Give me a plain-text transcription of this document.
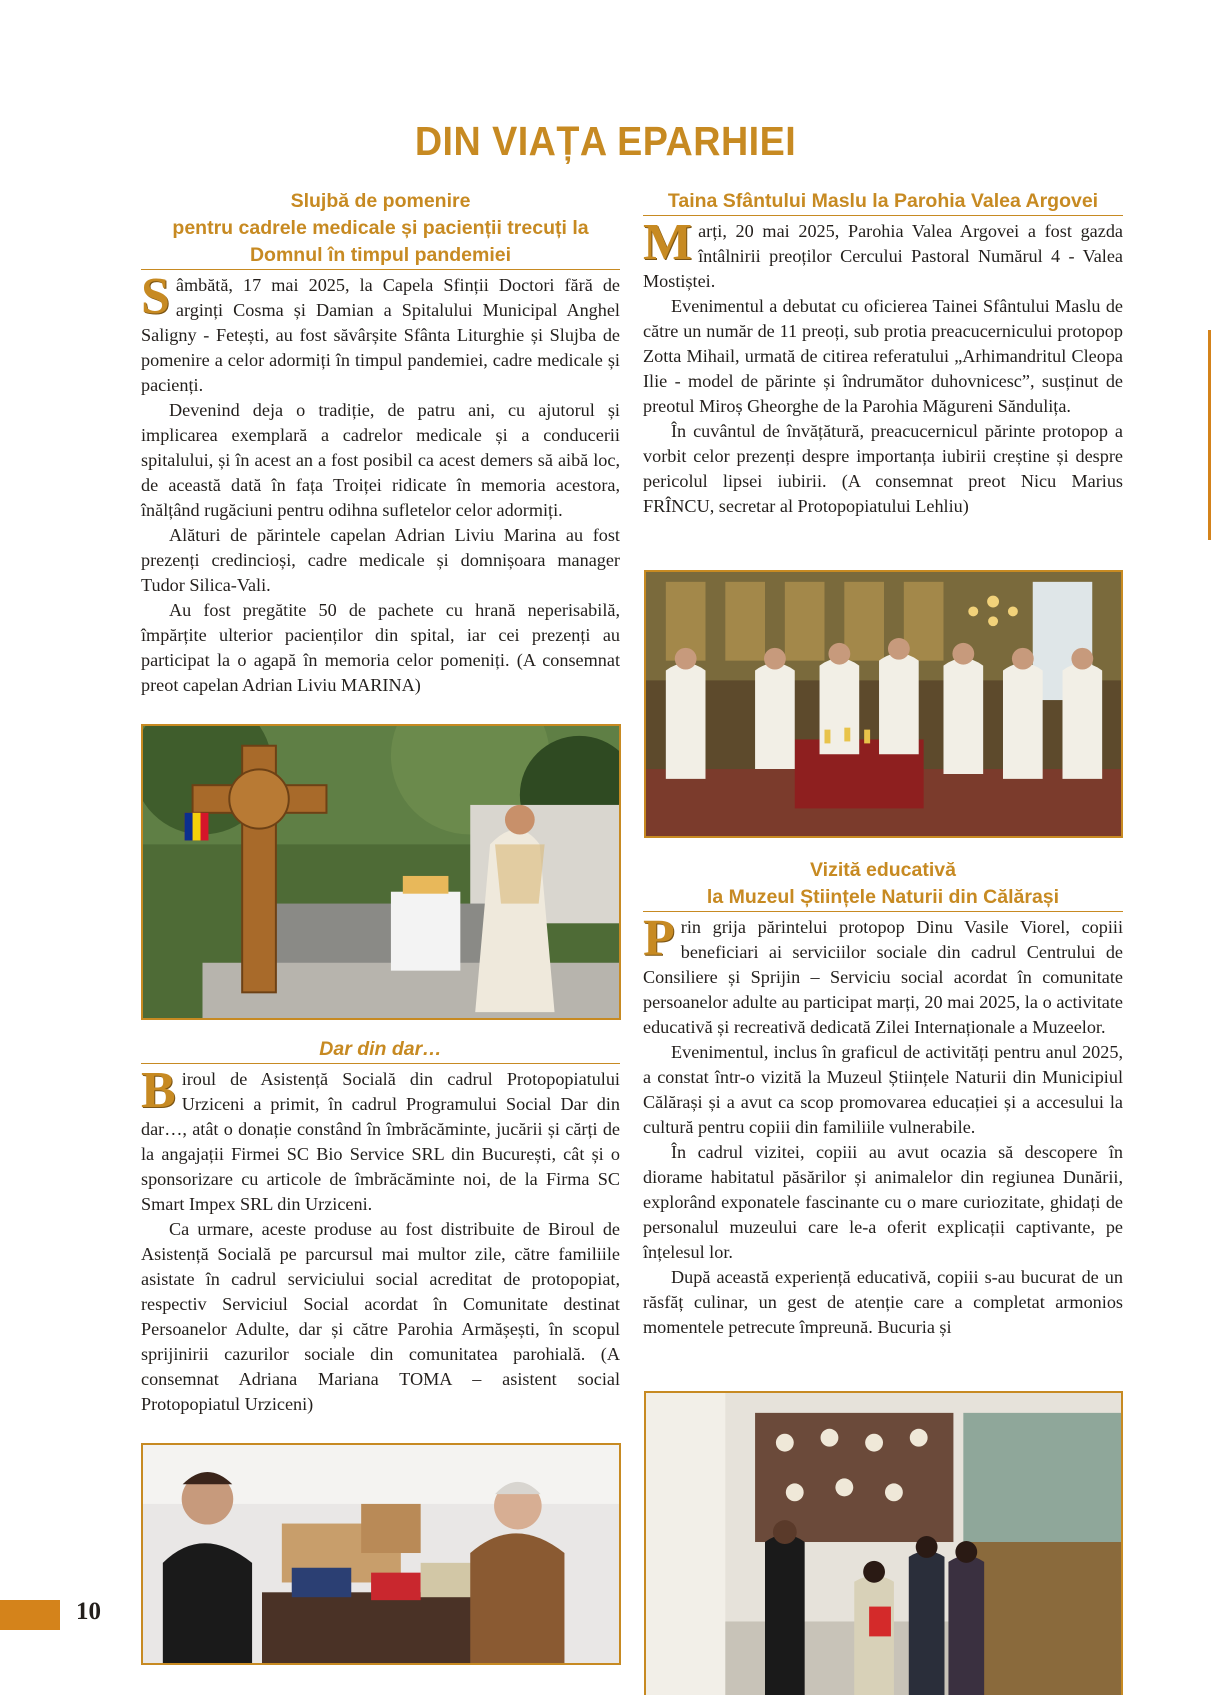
DIN VIAȚA EPARHIEI
Slujbă de pomenire
pentru cadrele medicale și pacienții trecuți la
Domnul în timpul pandemiei

Sâmbătă, 17 mai 2025, la Capela Sfinții Doctori fără de arginți Cosma și Damian a Spitalului Municipal Anghel Saligny - Fetești, au fost săvârșite Sfânta Liturghie și Slujba de pomenire a celor adormiți în timpul pandemiei, cadre medicale și pacienți.

Devenind deja o tradiție, de patru ani, cu ajutorul și implicarea exemplară a cadrelor medicale și a conducerii spitalului, și în acest an a fost posibil ca acest demers să aibă loc, de această dată în fața Troiței ridicate în memoria acestora, înălțând rugăciuni pentru odihna sufletelor celor adormiți.

Alături de părintele capelan Adrian Liviu Marina au fost prezenți credincioși, cadre medicale și domnișoara manager Tudor Silica-Vali.

Au fost pregătite 50 de pachete cu hrană neperisabilă, împărțite ulterior pacienților din spital, iar cei prezenți au participat la o agapă în memoria celor pomeniți. (A consemnat preot capelan Adrian Liviu MARINA)

Dar din dar…

Biroul de Asistență Socială din cadrul Protopopiatului Urziceni a primit, în cadrul Programului Social Dar din dar…, atât o donație constând în îmbrăcăminte, jucării și cărți de la angajații Firmei SC Bio Service SRL din București, cât și o sponsorizare cu articole de îmbrăcăminte noi, de la Firma SC Smart Impex SRL din Urziceni.

Ca urmare, aceste produse au fost distribuite de Biroul de Asistență Socială pe parcursul mai multor zile, către familiile asistate în cadrul serviciului social acreditat de protopopiat, respectiv Serviciul Social acordat în Comunitate destinat Persoanelor Adulte, dar și către Parohia Armășești, în scopul sprijinirii cazurilor sociale din comunitatea parohială. (A consemnat Adriana Mariana TOMA – asistent social Protopopiatul Urziceni)

Taina Sfântului Maslu la Parohia Valea Argovei

Marți, 20 mai 2025, Parohia Valea Argovei a fost gazda întâlnirii preoților Cercului Pastoral Numărul 4 - Valea Mostiștei.

Evenimentul a debutat cu oficierea Tainei Sfântului Maslu de către un număr de 11 preoți, sub protia preacucernicului protopop Zotta Mihail, urmată de citirea referatului „Arhimandritul Cleopa Ilie - model de părinte și îndrumător duhovnicesc”, susținut de preotul Miroș Gheorghe de la Parohia Măgureni Săndulița.

În cuvântul de învățătură, preacucernicul părinte protopop a vorbit celor prezenți despre importanța iubirii creștine și despre pericolul lipsei iubirii. (A consemnat preot Nicu Marius FRÎNCU, secretar al Protopopiatului Lehliu)

Vizită educativă
la Muzeul Științele Naturii din Călărași

Prin grija părintelui protopop Dinu Vasile Viorel, copiii beneficiari ai serviciilor sociale din cadrul Centrului de Consiliere și Sprijin – Serviciu social acordat în comunitate persoanelor adulte au participat marți, 20 mai 2025, la o activitate educativă și recreativă dedicată Zilei Internaționale a Muzeelor.

Evenimentul, inclus în graficul de activități pentru anul 2025, a constat într-o vizită la Muzeul Științele Naturii din Municipiul Călărași și a avut ca scop promovarea educației și a accesului la cultură pentru copiii din familiile vulnerabile.

În cadrul vizitei, copiii au avut ocazia să descopere în diorame habitatul păsărilor și animalelor din regiunea Dunării, explorând exponatele fascinante cu o mare curiozitate, ghidați de personalul muzeului care le-a oferit explicații captivante, pe înțelesul lor.

După această experiență educativă, copiii s-au bucurat de un răsfăț culinar, un gest de atenție care a completat armonios momentele petrecute împreună. Bucuria și

10
